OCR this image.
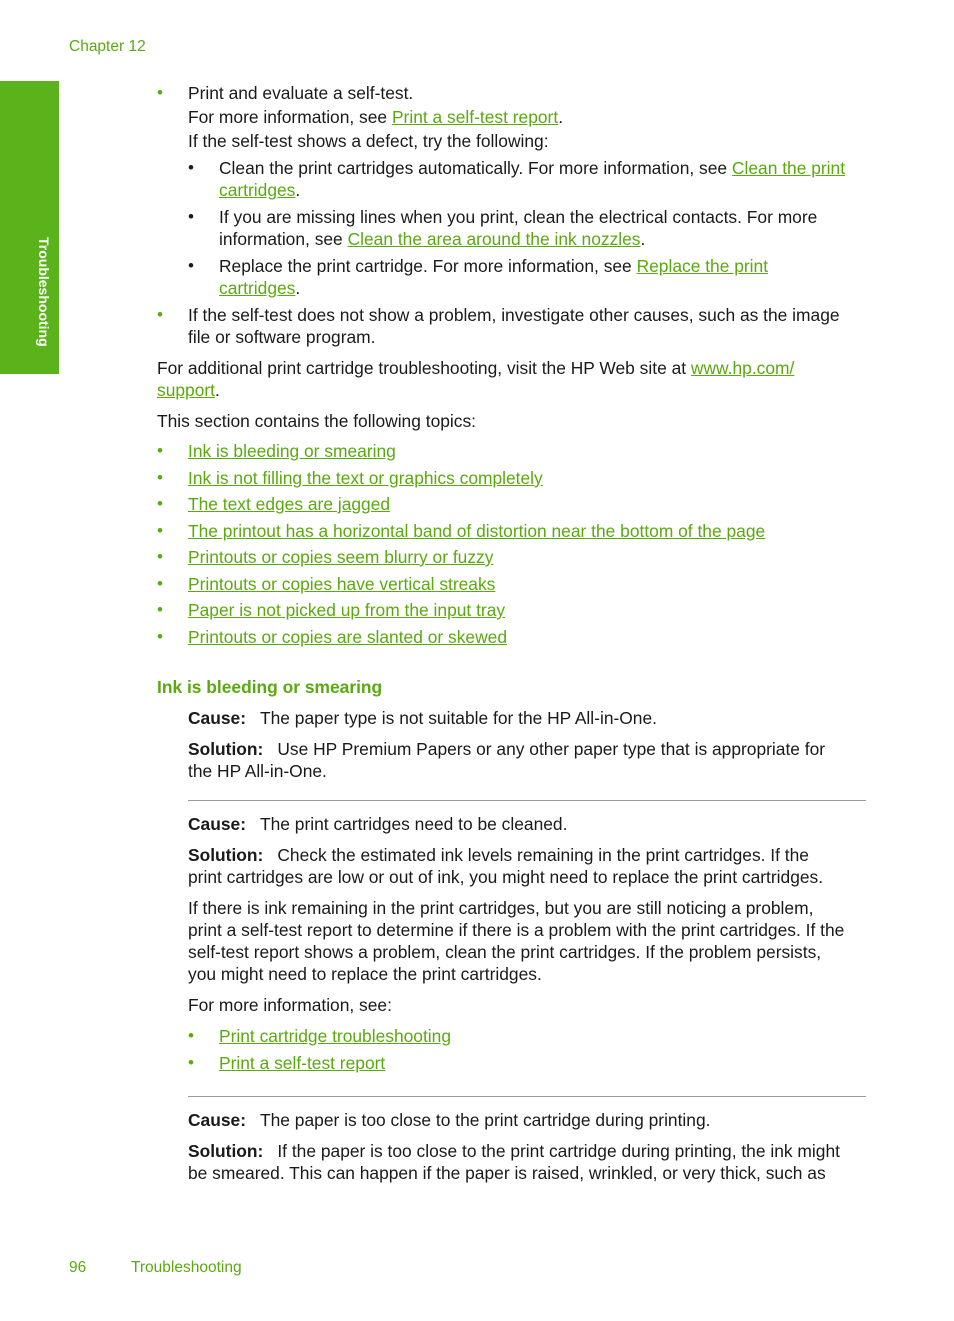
Chapter 12
Troubleshooting
• Print and evaluate a self-test.
For more information, see Print a self-test report.
If the self-test shows a defect, try the following:
• Clean the print cartridges automatically. For more information, see Clean the print
cartridges.
• If you are missing lines when you print, clean the electrical contacts. For more
information, see Clean the area around the ink nozzles.
• Replace the print cartridge. For more information, see Replace the print
cartridges.
• If the self-test does not show a problem, investigate other causes, such as the image
file or software program.
For additional print cartridge troubleshooting, visit the HP Web site at www.hp.com/
support.
This section contains the following topics:
• Ink is bleeding or smearing
• Ink is not filling the text or graphics completely
• The text edges are jagged
• The printout has a horizontal band of distortion near the bottom of the page
• Printouts or copies seem blurry or fuzzy
• Printouts or copies have vertical streaks
• Paper is not picked up from the input tray
• Printouts or copies are slanted or skewed
Ink is bleeding or smearing
Cause: The paper type is not suitable for the HP All-in-One.
Solution: Use HP Premium Papers or any other paper type that is appropriate for
the HP All-in-One.
Cause: The print cartridges need to be cleaned.
Solution: Check the estimated ink levels remaining in the print cartridges. If the
print cartridges are low or out of ink, you might need to replace the print cartridges.
If there is ink remaining in the print cartridges, but you are still noticing a problem,
print a self-test report to determine if there is a problem with the print cartridges. If the
self-test report shows a problem, clean the print cartridges. If the problem persists,
you might need to replace the print cartridges.
For more information, see:
• Print cartridge troubleshooting
• Print a self-test report
Cause: The paper is too close to the print cartridge during printing.
Solution: If the paper is too close to the print cartridge during printing, the ink might
be smeared. This can happen if the paper is raised, wrinkled, or very thick, such as
96	Troubleshooting
